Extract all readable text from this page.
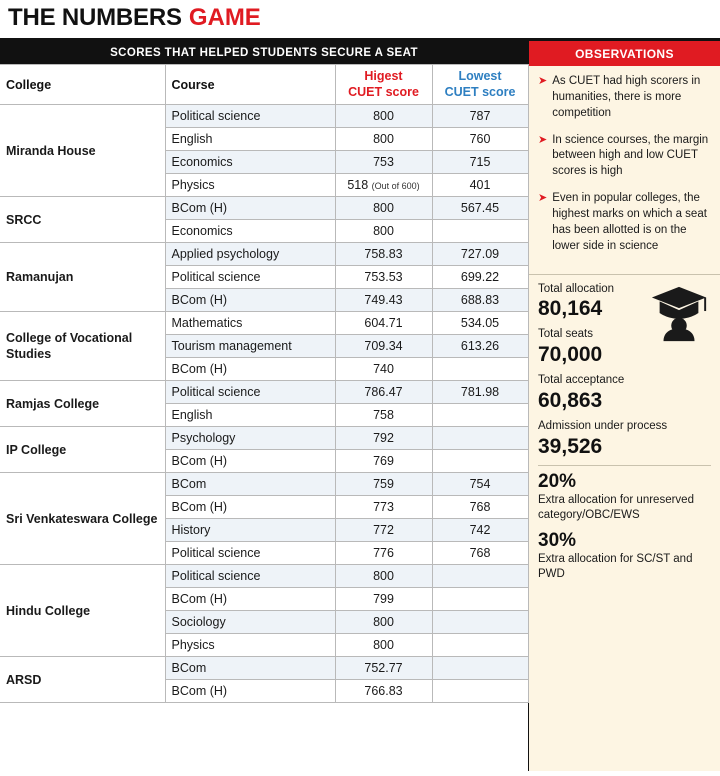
THE NUMBERS GAME
SCORES THAT HELPED STUDENTS SECURE A SEAT
College	Course	
Higest
CUET score

Lowest
CUET score

Miranda House	Political science	800	787
	English	800	760
	Economics	753	715
	Physics	518 (Out of 600)	401
SRCC	BCom (H)	800	567.45
	Economics	800	
Ramanujan	Applied psychology	758.83	727.09
	Political science	753.53	699.22
	BCom (H)	749.43	688.83
College of Vocational Studies	Mathematics	604.71	534.05
	Tourism management	709.34	613.26
	BCom (H)	740	
Ramjas College	Political science	786.47	781.98
	English	758	
IP College	Psychology	792	
	BCom (H)	769	
Sri Venkateswara College	BCom	759	754
	BCom (H)	773	768
	History	772	742
	Political science	776	768
Hindu College	Political science	800	
	BCom (H)	799	
	Sociology	800	
	Physics	800	
ARSD	BCom	752.77	
	BCom (H)	766.83	
OBSERVATIONS
➤ As CUET had high scorers in humanities, there is more competition
➤ In science courses, the margin between high and low CUET scores is high
➤ Even in popular colleges, the highest marks on which a seat has been allotted is on the lower side in science
Total allocation
80,164
Total seats
70,000
Total acceptance
60,863
Admission under process
39,526
20%
Extra allocation for unreserved category/OBC/EWS
30%
Extra allocation for SC/ST and PWD
